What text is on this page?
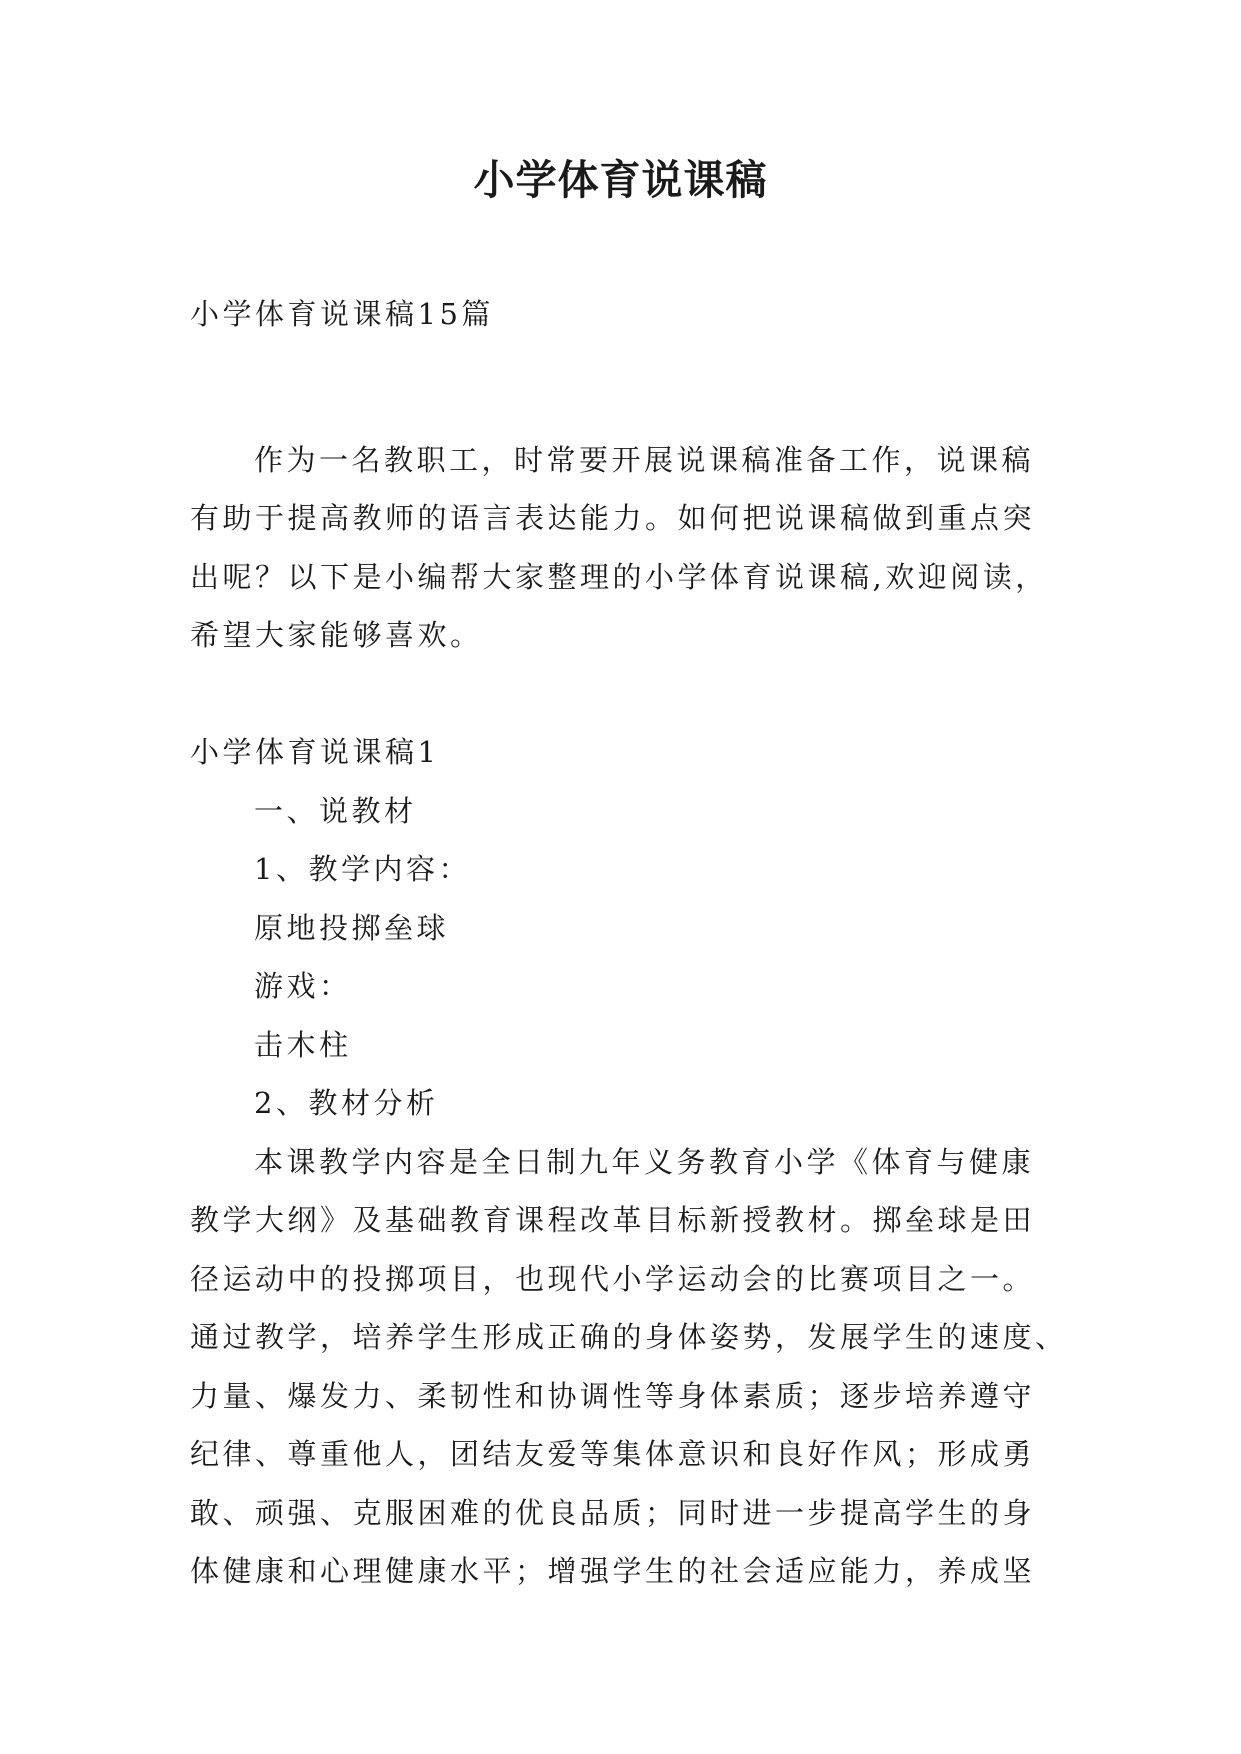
小学体育说课稿
小学体育说课稿15篇
作为一名教职工，时常要开展说课稿准备工作，说课稿
有助于提高教师的语言表达能力。如何把说课稿做到重点突
出呢？以下是小编帮大家整理的小学体育说课稿,欢迎阅读，
希望大家能够喜欢。
小学体育说课稿1
一、说教材
1、教学内容：
原地投掷垒球
游戏：
击木柱
2、教材分析
本课教学内容是全日制九年义务教育小学《体育与健康
教学大纲》及基础教育课程改革目标新授教材。掷垒球是田
径运动中的投掷项目，也现代小学运动会的比赛项目之一。
通过教学，培养学生形成正确的身体姿势，发展学生的速度、
力量、爆发力、柔韧性和协调性等身体素质；逐步培养遵守
纪律、尊重他人，团结友爱等集体意识和良好作风；形成勇
敢、顽强、克服困难的优良品质；同时进一步提高学生的身
体健康和心理健康水平；增强学生的社会适应能力，养成坚
